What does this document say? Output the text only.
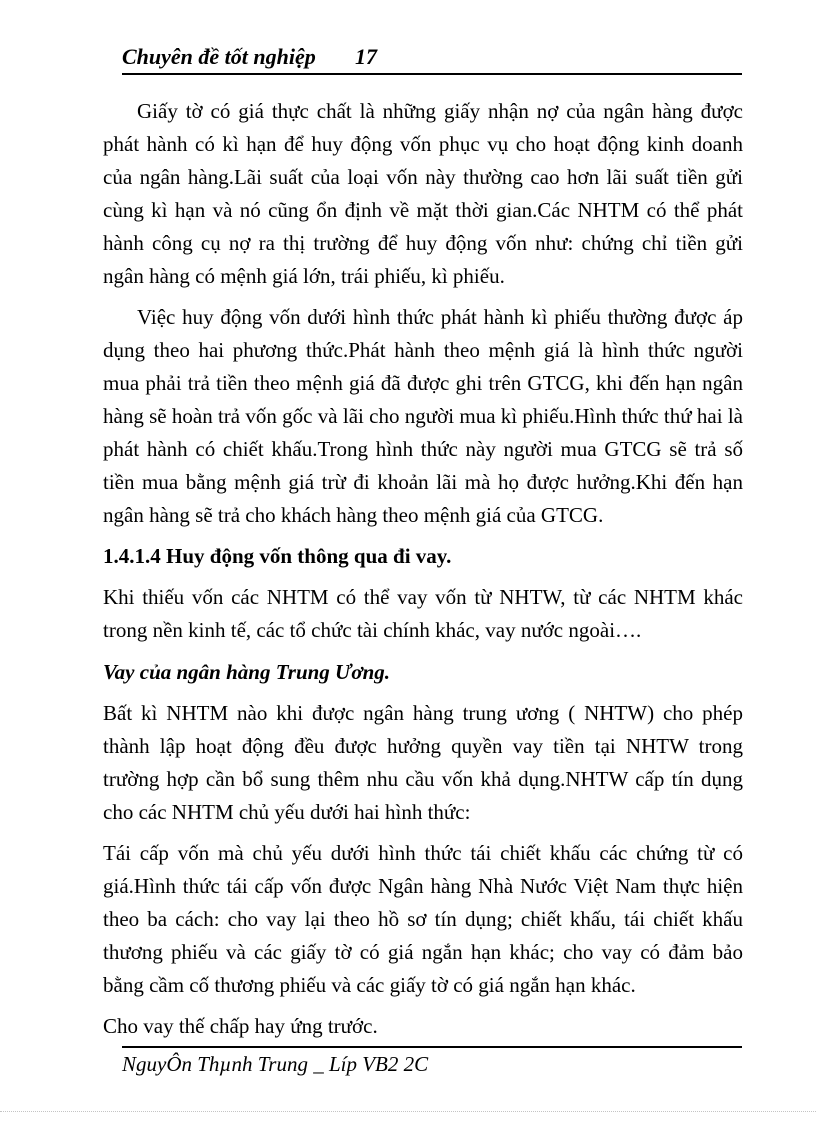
Chuyên đề tốt nghiệp 17

Giấy tờ có giá thực chất là những giấy nhận nợ của ngân hàng được phát hành có kì hạn để huy động vốn phục vụ cho hoạt động kinh doanh của ngân hàng.Lãi suất của loại vốn này thường cao hơn lãi suất tiền gửi cùng kì hạn và nó cũng ổn định về mặt thời gian.Các NHTM có thể phát hành công cụ nợ ra thị trường để huy động vốn như: chứng chỉ tiền gửi ngân hàng có mệnh giá lớn, trái phiếu, kì phiếu.

Việc huy động vốn dưới hình thức phát hành kì phiếu thường được áp dụng theo hai phương thức.Phát hành theo mệnh giá là hình thức người mua phải trả tiền theo mệnh giá đã được ghi trên GTCG, khi đến hạn ngân hàng sẽ hoàn trả vốn gốc và lãi cho người mua kì phiếu.Hình thức thứ hai là phát hành có chiết khấu.Trong hình thức này người mua GTCG sẽ trả số tiền mua bằng mệnh giá trừ đi khoản lãi mà họ được hưởng.Khi đến hạn ngân hàng sẽ trả cho khách hàng theo mệnh giá của GTCG.

1.4.1.4 Huy động vốn thông qua đi vay.

Khi thiếu vốn các NHTM có thể vay vốn từ NHTW, từ các NHTM khác trong nền kinh tế, các tổ chức tài chính khác, vay nước ngoài….

Vay của ngân hàng Trung Ương.

Bất kì NHTM nào khi được ngân hàng trung ương ( NHTW) cho phép thành lập hoạt động đều được hưởng quyền vay tiền tại NHTW trong trường hợp cần bổ sung thêm nhu cầu vốn khả dụng.NHTW cấp tín dụng cho các NHTM chủ yếu dưới hai hình thức:

Tái cấp vốn mà chủ yếu dưới hình thức tái chiết khấu các chứng từ có giá.Hình thức tái cấp vốn được Ngân hàng Nhà Nước Việt Nam thực hiện theo ba cách: cho vay lại theo hồ sơ tín dụng; chiết khấu, tái chiết khấu thương phiếu và các giấy tờ có giá ngắn hạn khác; cho vay có đảm bảo bằng cầm cố thương phiếu và các giấy tờ có giá ngắn hạn khác.

Cho vay thế chấp hay ứng trước.

NguyÔn Thµnh Trung _ Líp VB2 2C
